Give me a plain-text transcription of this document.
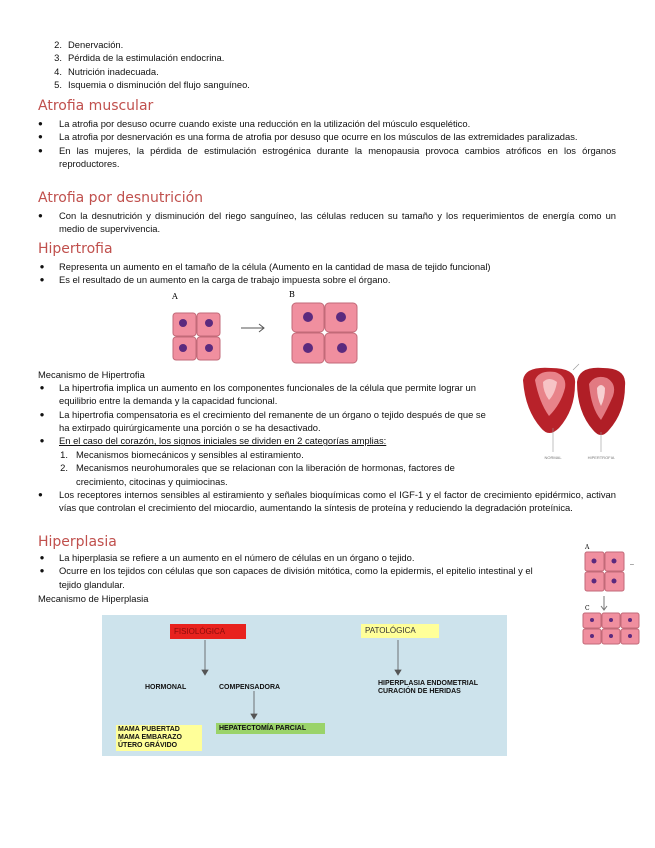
2. Denervación.
3. Pérdida de la estimulación endocrina.
4. Nutrición inadecuada.
5. Isquemia o disminución del flujo sanguíneo.
Atrofia muscular
●	La atrofia por desuso ocurre cuando existe una reducción en la utilización del músculo esquelético.
●	La atrofia por desnervación es una forma de atrofia por desuso que ocurre en los músculos de las extremidades paralizadas.
●	En las mujeres, la pérdida de estimulación estrogénica durante la menopausia provoca cambios atróficos en los órganos reproductores.
Atrofia por desnutrición
●	Con la desnutrición y disminución del riego sanguíneo, las células reducen su tamaño y los requerimientos de energía como un medio de supervivencia.
Hipertrofia
● Representa un aumento en el tamaño de la célula (Aumento en la cantidad de masa de tejido funcional)
● Es el resultado de un aumento en la carga de trabajo impuesta sobre el órgano.
A	B
Mecanismo de Hipertrofia
● La hipertrofia implica un aumento en los componentes funcionales de la célula que permite lograr un equilibrio entre la demanda y la capacidad funcional.
● La hipertrofia compensatoria es el crecimiento del remanente de un órgano o tejido después de que se ha extirpado quirúrgicamente una porción o se ha desactivado.
● En el caso del corazón, los signos iniciales se dividen en 2 categorías amplias:
1. Mecanismos biomecánicos y sensibles al estiramiento.
2. Mecanismos neurohumorales que se relacionan con la liberación de hormonas, factores de crecimiento, citocinas y quimiocinas.
●	Los receptores internos sensibles al estiramiento y señales bioquímicas como el IGF-1 y el factor de crecimiento epidérmico, activan vías que controlan el crecimiento del miocardio, aumentando la síntesis de proteína y reduciendo la degradación proteínica.
NORMAL	HIPERTROFIA
Hiperplasia
● La hiperplasia se refiere a un aumento en el número de células en un órgano o tejido.
● Ocurre en los tejidos con células que son capaces de división mitótica, como la epidermis, el epitelio intestinal y el tejido glandular.
Mecanismo de Hiperplasia
A
–
C
FISIOLÓGICA	PATOLÓGICA
HORMONAL	COMPENSADORA
HIPERPLASIA ENDOMETRIAL
CURACIÓN DE HERIDAS
MAMA PUBERTAD
MAMA EMBARAZO
ÚTERO GRÁVIDO
HEPATECTOMÍA PARCIAL
